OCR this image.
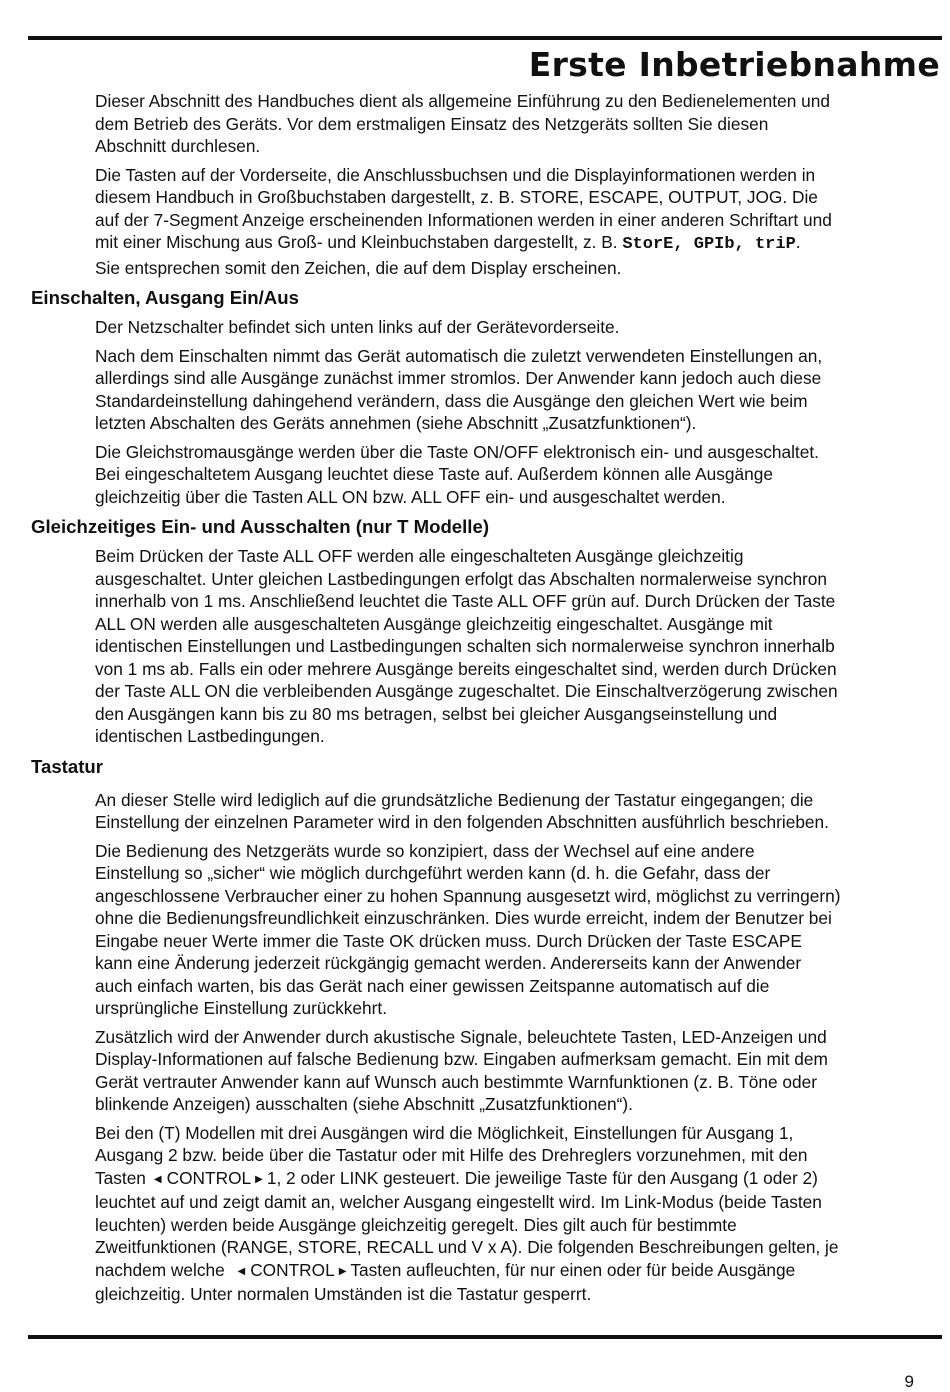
Erste Inbetriebnahme

Dieser Abschnitt des Handbuches dient als allgemeine Einführung zu den Bedienelementen und
dem Betrieb des Geräts. Vor dem erstmaligen Einsatz des Netzgeräts sollten Sie diesen
Abschnitt durchlesen.

Die Tasten auf der Vorderseite, die Anschlussbuchsen und die Displayinformationen werden in
diesem Handbuch in Großbuchstaben dargestellt, z. B. STORE, ESCAPE, OUTPUT, JOG. Die
auf der 7-Segment Anzeige erscheinenden Informationen werden in einer anderen Schriftart und
mit einer Mischung aus Groß- und Kleinbuchstaben dargestellt, z. B. StorE, GPIb, triP.
Sie entsprechen somit den Zeichen, die auf dem Display erscheinen.

Einschalten, Ausgang Ein/Aus

Der Netzschalter befindet sich unten links auf der Gerätevorderseite.

Nach dem Einschalten nimmt das Gerät automatisch die zuletzt verwendeten Einstellungen an,
allerdings sind alle Ausgänge zunächst immer stromlos. Der Anwender kann jedoch auch diese
Standardeinstellung dahingehend verändern, dass die Ausgänge den gleichen Wert wie beim
letzten Abschalten des Geräts annehmen (siehe Abschnitt „Zusatzfunktionen“).

Die Gleichstromausgänge werden über die Taste ON/OFF elektronisch ein- und ausgeschaltet.
Bei eingeschaltetem Ausgang leuchtet diese Taste auf. Außerdem können alle Ausgänge
gleichzeitig über die Tasten ALL ON bzw. ALL OFF ein- und ausgeschaltet werden.

Gleichzeitiges Ein- und Ausschalten (nur T Modelle)

Beim Drücken der Taste ALL OFF werden alle eingeschalteten Ausgänge gleichzeitig
ausgeschaltet. Unter gleichen Lastbedingungen erfolgt das Abschalten normalerweise synchron
innerhalb von 1 ms. Anschließend leuchtet die Taste ALL OFF grün auf. Durch Drücken der Taste
ALL ON werden alle ausgeschalteten Ausgänge gleichzeitig eingeschaltet. Ausgänge mit
identischen Einstellungen und Lastbedingungen schalten sich normalerweise synchron innerhalb
von 1 ms ab. Falls ein oder mehrere Ausgänge bereits eingeschaltet sind, werden durch Drücken
der Taste ALL ON die verbleibenden Ausgänge zugeschaltet. Die Einschaltverzögerung zwischen
den Ausgängen kann bis zu 80 ms betragen, selbst bei gleicher Ausgangseinstellung und
identischen Lastbedingungen.

Tastatur

An dieser Stelle wird lediglich auf die grundsätzliche Bedienung der Tastatur eingegangen; die
Einstellung der einzelnen Parameter wird in den folgenden Abschnitten ausführlich beschrieben.

Die Bedienung des Netzgeräts wurde so konzipiert, dass der Wechsel auf eine andere
Einstellung so „sicher“ wie möglich durchgeführt werden kann (d. h. die Gefahr, dass der
angeschlossene Verbraucher einer zu hohen Spannung ausgesetzt wird, möglichst zu verringern)
ohne die Bedienungsfreundlichkeit einzuschränken. Dies wurde erreicht, indem der Benutzer bei
Eingabe neuer Werte immer die Taste OK drücken muss. Durch Drücken der Taste ESCAPE
kann eine Änderung jederzeit rückgängig gemacht werden. Andererseits kann der Anwender
auch einfach warten, bis das Gerät nach einer gewissen Zeitspanne automatisch auf die
ursprüngliche Einstellung zurückkehrt.

Zusätzlich wird der Anwender durch akustische Signale, beleuchtete Tasten, LED-Anzeigen und
Display-Informationen auf falsche Bedienung bzw. Eingaben aufmerksam gemacht. Ein mit dem
Gerät vertrauter Anwender kann auf Wunsch auch bestimmte Warnfunktionen (z. B. Töne oder
blinkende Anzeigen) ausschalten (siehe Abschnitt „Zusatzfunktionen“).

Bei den (T) Modellen mit drei Ausgängen wird die Möglichkeit, Einstellungen für Ausgang 1,
Ausgang 2 bzw. beide über die Tastatur oder mit Hilfe des Drehreglers vorzunehmen, mit den
Tasten ◀ CONTROL ▶ 1, 2 oder LINK gesteuert. Die jeweilige Taste für den Ausgang (1 oder 2)
leuchtet auf und zeigt damit an, welcher Ausgang eingestellt wird. Im Link-Modus (beide Tasten
leuchten) werden beide Ausgänge gleichzeitig geregelt. Dies gilt auch für bestimmte
Zweitfunktionen (RANGE, STORE, RECALL und V x A). Die folgenden Beschreibungen gelten, je
nachdem welche ◀ CONTROL ▶ Tasten aufleuchten, für nur einen oder für beide Ausgänge
gleichzeitig. Unter normalen Umständen ist die Tastatur gesperrt.

9
